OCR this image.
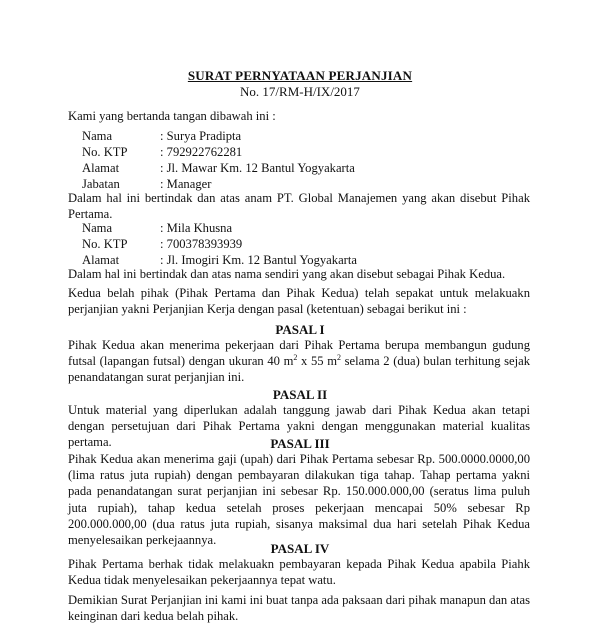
SURAT PERNYATAAN PERJANJIAN
No. 17/RM-H/IX/2017
Kami yang bertanda tangan dibawah ini :
Nama	: Surya Pradipta
No. KTP	: 792922762281
Alamat	: Jl. Mawar Km. 12 Bantul Yogyakarta
Jabatan	: Manager
Dalam hal ini bertindak dan atas anam PT. Global Manajemen yang akan disebut Pihak Pertama.
Nama	: Mila Khusna
No. KTP	: 700378393939
Alamat	: Jl. Imogiri Km. 12 Bantul Yogyakarta
Dalam hal ini bertindak dan atas nama sendiri yang akan disebut sebagai Pihak Kedua.
Kedua belah pihak (Pihak Pertama dan Pihak Kedua) telah sepakat untuk melakuakn perjanjian yakni Perjanjian Kerja dengan pasal (ketentuan) sebagai berikut ini :
PASAL I
Pihak Kedua akan menerima pekerjaan dari Pihak Pertama berupa membangun gudung futsal (lapangan futsal) dengan ukuran 40 $m^2$ x 55 $m^2$ selama 2 (dua) bulan terhitung sejak penandatangan surat perjanjian ini.
PASAL II
Untuk material yang diperlukan adalah tanggung jawab dari Pihak Kedua akan tetapi dengan persetujuan dari Pihak Pertama yakni dengan menggunakan material kualitas pertama.	PASAL III
Pihak Kedua akan menerima gaji (upah) dari Pihak Pertama sebesar Rp. 500.0000.0000,00 (lima ratus juta rupiah) dengan pembayaran dilakukan tiga tahap. Tahap pertama yakni pada penandatangan surat perjanjian ini sebesar Rp. 150.000.000,00 (seratus lima puluh juta rupiah), tahap kedua setelah proses pekerjaan mencapai 50% sebesar Rp 200.000.000,00 (dua ratus juta rupiah, sisanya maksimal dua hari setelah Pihak Kedua menyelesaikan perkejaannya.
PASAL IV
Pihak Pertama berhak tidak melakuakn pembayaran kepada Pihak Kedua apabila Piahk Kedua tidak menyelesaikan pekerjaannya tepat watu.
Demikian Surat Perjanjian ini kami ini buat tanpa ada paksaan dari pihak manapun dan atas keinginan dari kedua belah pihak.
